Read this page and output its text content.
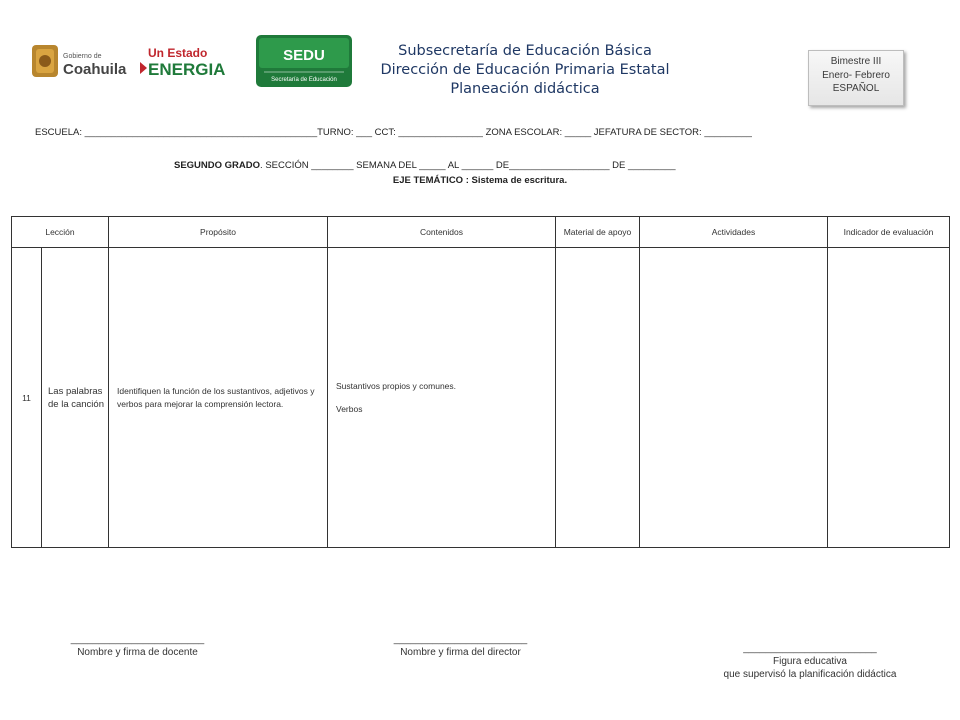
Gobierno de
Coahuila
Un Estado
ENERGIA
SEDU
Secretaría de Educación
Subsecretaría de Educación Básica
Dirección de Educación Primaria Estatal
Planeación didáctica
Bimestre III
Enero- Febrero
ESPAÑOL
ESCUELA: ____________________________________________TURNO: ___ CCT: ________________ ZONA ESCOLAR: _____ JEFATURA DE SECTOR: _________
SEGUNDO GRADO. SECCIÓN ________ SEMANA DEL _____ AL ______ DE___________________ DE _________
EJE TEMÁTICO : Sistema de escritura.
Lección		Propósito	Contenidos	Material de apoyo	Actividades	Indicador de evaluación
11	Las palabras de la canción	Identifiquen la función de los sustantivos, adjetivos y verbos para mejorar la comprensión lectora.	Sustantivos propios y comunes.
Verbos			

________________________
Nombre y firma de docente
________________________
Nombre y firma del director	________________________
Figura educativa
que supervisó la planificación didáctica
